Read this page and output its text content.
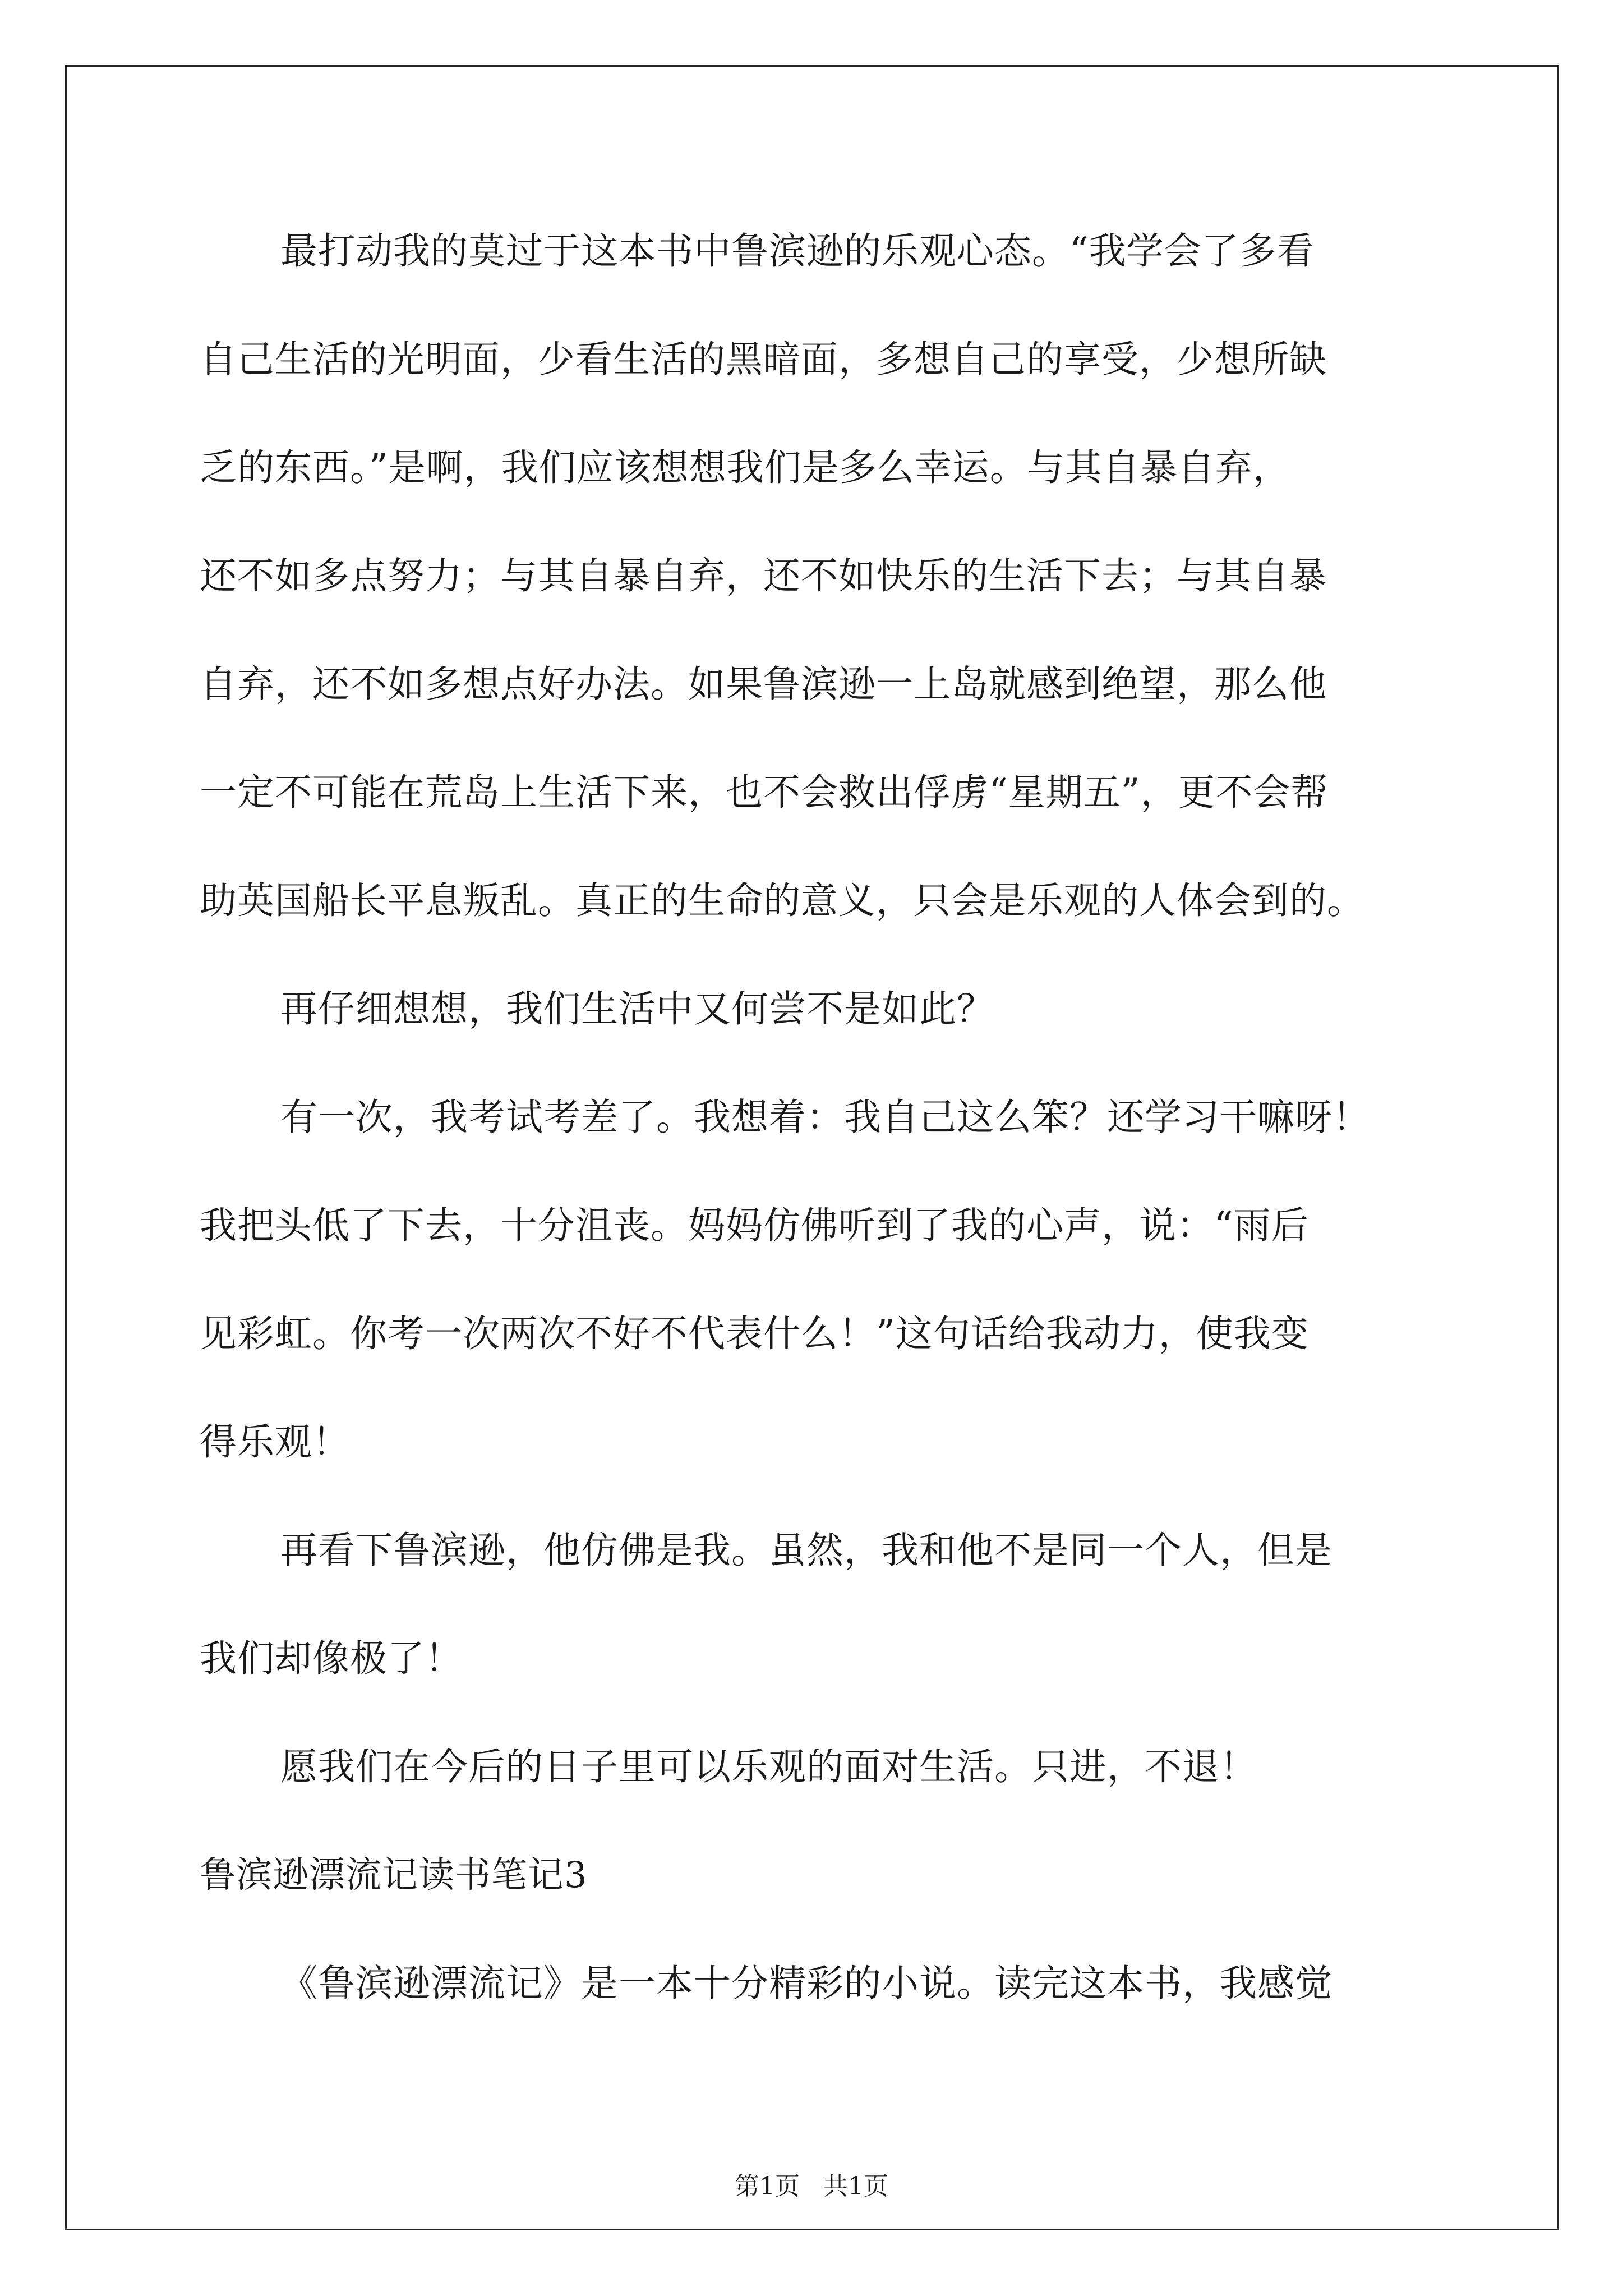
最打动我的莫过于这本书中鲁滨逊的乐观心态。“我学会了多看
自己生活的光明面，少看生活的黑暗面，多想自己的享受，少想所缺
乏的东西。”是啊，我们应该想想我们是多么幸运。与其自暴自弃，
还不如多点努力；与其自暴自弃，还不如快乐的生活下去；与其自暴
自弃，还不如多想点好办法。如果鲁滨逊一上岛就感到绝望，那么他
一定不可能在荒岛上生活下来，也不会救出俘虏“星期五”，更不会帮
助英国船长平息叛乱。真正的生命的意义，只会是乐观的人体会到的。
再仔细想想，我们生活中又何尝不是如此？
有一次，我考试考差了。我想着：我自己这么笨？还学习干嘛呀！
我把头低了下去，十分沮丧。妈妈仿佛听到了我的心声，说：“雨后
见彩虹。你考一次两次不好不代表什么！”这句话给我动力，使我变
得乐观！
再看下鲁滨逊，他仿佛是我。虽然，我和他不是同一个人，但是
我们却像极了！
愿我们在今后的日子里可以乐观的面对生活。只进，不退！
鲁滨逊漂流记读书笔记3
《鲁滨逊漂流记》是一本十分精彩的小说。读完这本书，我感觉
第1页   共1页
